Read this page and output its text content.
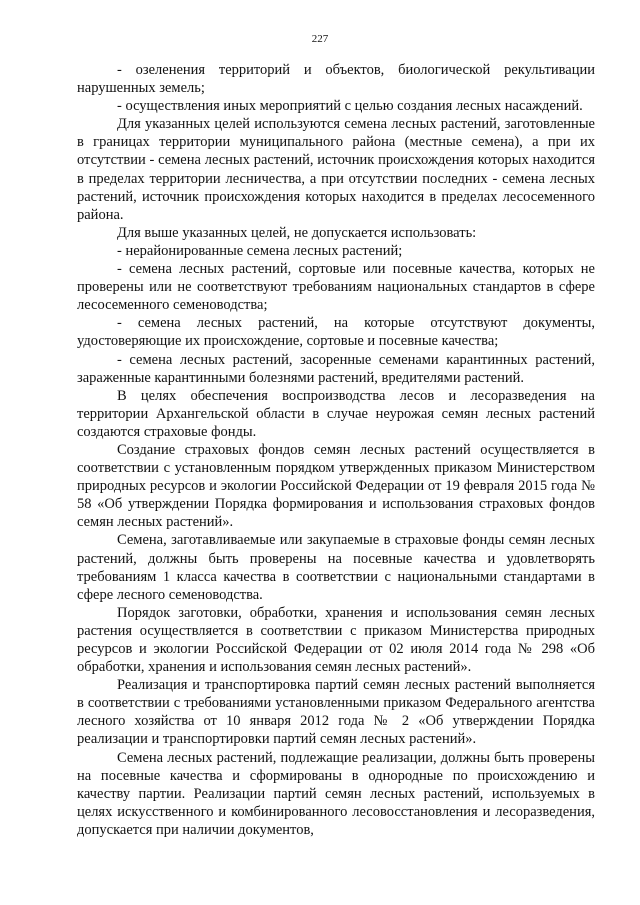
227

- озеленения территорий и объектов, биологической рекультивации нарушенных земель;

- осуществления иных мероприятий с целью создания лесных насаждений.

Для указанных целей используются семена лесных растений, заготовленные в границах территории муниципального района (местные семена), а при их отсутствии - семена лесных растений, источник происхождения которых находится в пределах территории лесничества, а при отсутствии последних - семена лесных растений, источник происхождения которых находится в пределах лесосеменного района.

Для выше указанных целей, не допускается использовать:

- нерайонированные семена лесных растений;

- семена лесных растений, сортовые или посевные качества, которых не проверены или не соответствуют требованиям национальных стандартов в сфере лесосеменного семеноводства;

- семена лесных растений, на которые отсутствуют документы, удостоверяющие их происхождение, сортовые и посевные качества;

- семена лесных растений, засоренные семенами карантинных растений, зараженные карантинными болезнями растений, вредителями растений.

В целях обеспечения воспроизводства лесов и лесоразведения на территории Архангельской области в случае неурожая семян лесных растений создаются страховые фонды.

Создание страховых фондов семян лесных растений осуществляется в соответствии с установленным порядком утвержденных приказом Министерством природных ресурсов и экологии Российской Федерации от 19 февраля 2015 года № 58 «Об утверждении Порядка формирования и использования страховых фондов семян лесных растений».

Семена, заготавливаемые или закупаемые в страховые фонды семян лесных растений, должны быть проверены на посевные качества и удовлетворять требованиям 1 класса качества в соответствии с национальными стандартами в сфере лесного семеноводства.

Порядок заготовки, обработки, хранения и использования семян лесных растения осуществляется в соответствии с приказом Министерства природных ресурсов и экологии Российской Федерации от 02 июля 2014 года № 298 «Об обработки, хранения и использования семян лесных растений».

Реализация и транспортировка партий семян лесных растений выполняется в соответствии с требованиями установленными приказом Федерального агентства лесного хозяйства от 10 января 2012 года № 2 «Об утверждении Порядка реализации и транспортировки партий семян лесных растений».

Семена лесных растений, подлежащие реализации, должны быть проверены на посевные качества и сформированы в однородные по происхождению и качеству партии. Реализации партий семян лесных растений, используемых в целях искусственного и комбинированного лесовосстановления и лесоразведения, допускается при наличии документов,
